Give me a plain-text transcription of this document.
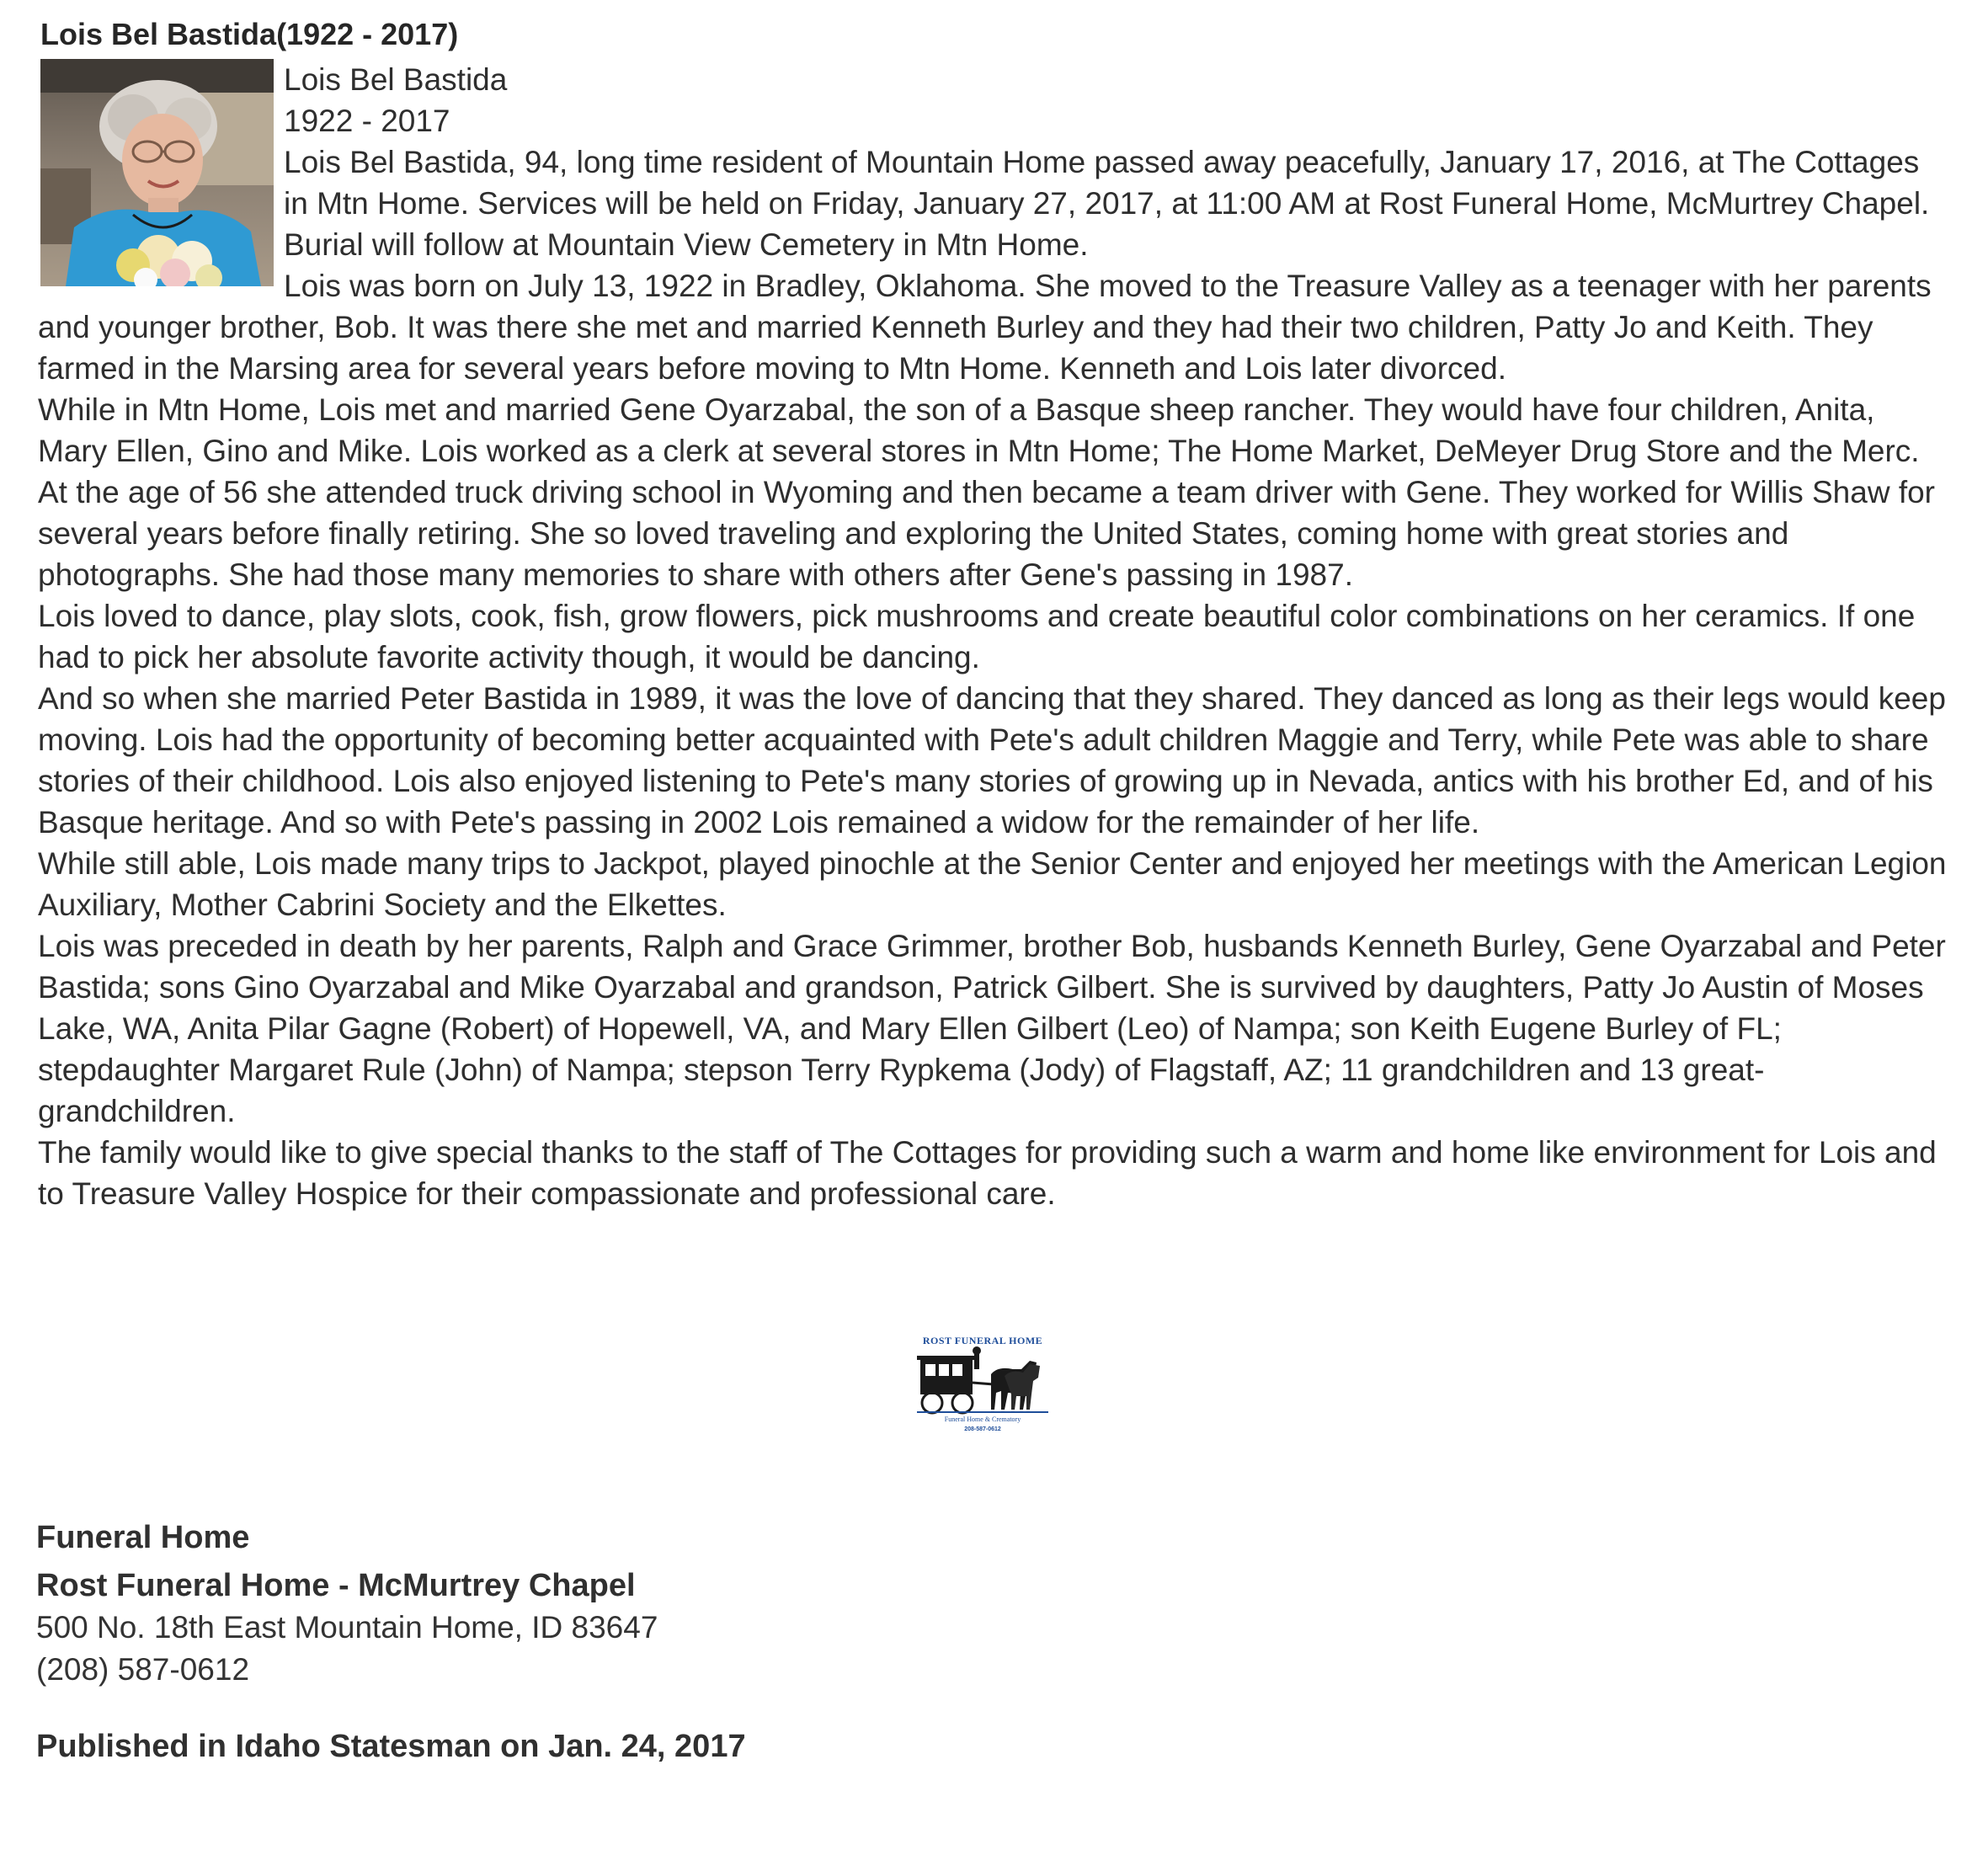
Lois Bel Bastida(1922 - 2017)

Lois Bel Bastida

1922 - 2017

Lois Bel Bastida, 94, long time resident of Mountain Home passed away peacefully, January 17, 2016, at The Cottages in Mtn Home. Services will be held on Friday, January 27, 2017, at 11:00 AM at Rost Funeral Home, McMurtrey Chapel. Burial will follow at Mountain View Cemetery in Mtn Home.

Lois was born on July 13, 1922 in Bradley, Oklahoma. She moved to the Treasure Valley as a teenager with her parents and younger brother, Bob. It was there she met and married Kenneth Burley and they had their two children, Patty Jo and Keith. They farmed in the Marsing area for several years before moving to Mtn Home. Kenneth and Lois later divorced.

While in Mtn Home, Lois met and married Gene Oyarzabal, the son of a Basque sheep rancher. They would have four children, Anita, Mary Ellen, Gino and Mike. Lois worked as a clerk at several stores in Mtn Home; The Home Market, DeMeyer Drug Store and the Merc. At the age of 56 she attended truck driving school in Wyoming and then became a team driver with Gene. They worked for Willis Shaw for several years before finally retiring. She so loved traveling and exploring the United States, coming home with great stories and photographs. She had those many memories to share with others after Gene's passing in 1987.

Lois loved to dance, play slots, cook, fish, grow flowers, pick mushrooms and create beautiful color combinations on her ceramics. If one had to pick her absolute favorite activity though, it would be dancing.

And so when she married Peter Bastida in 1989, it was the love of dancing that they shared. They danced as long as their legs would keep moving. Lois had the opportunity of becoming better acquainted with Pete's adult children Maggie and Terry, while Pete was able to share stories of their childhood. Lois also enjoyed listening to Pete's many stories of growing up in Nevada, antics with his brother Ed, and of his Basque heritage. And so with Pete's passing in 2002 Lois remained a widow for the remainder of her life.

While still able, Lois made many trips to Jackpot, played pinochle at the Senior Center and enjoyed her meetings with the American Legion Auxiliary, Mother Cabrini Society and the Elkettes.

Lois was preceded in death by her parents, Ralph and Grace Grimmer, brother Bob, husbands Kenneth Burley, Gene Oyarzabal and Peter Bastida; sons Gino Oyarzabal and Mike Oyarzabal and grandson, Patrick Gilbert. She is survived by daughters, Patty Jo Austin of Moses Lake, WA, Anita Pilar Gagne (Robert) of Hopewell, VA, and Mary Ellen Gilbert (Leo) of Nampa; son Keith Eugene Burley of FL; stepdaughter Margaret Rule (John) of Nampa; stepson Terry Rypkema (Jody) of Flagstaff, AZ; 11 grandchildren and 13 great-grandchildren.

The family would like to give special thanks to the staff of The Cottages for providing such a warm and home like environment for Lois and to Treasure Valley Hospice for their compassionate and professional care.

ROST FUNERAL HOME
Funeral Home & Crematory
208-587-0612
Funeral Home
Rost Funeral Home - McMurtrey Chapel
500 No. 18th East Mountain Home, ID 83647
(208) 587-0612
Published in Idaho Statesman on Jan. 24, 2017
